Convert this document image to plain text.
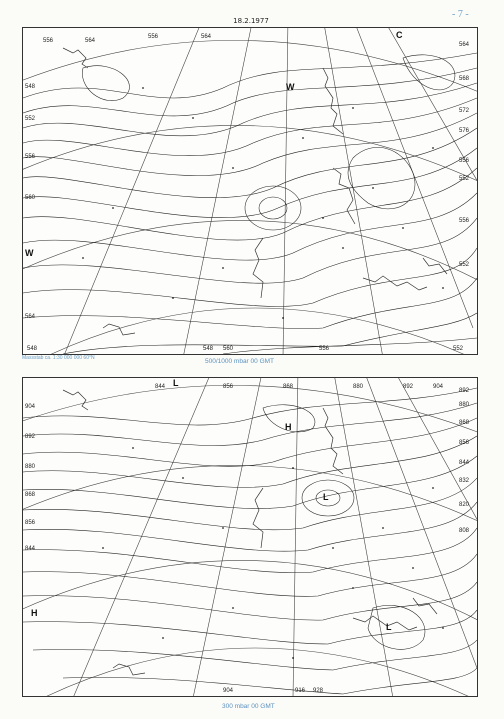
18.2.1977
- 7 -
548
552
556
560
564
548
564
568
572
576
556
552
556
552
556	564
556	564
548 560	556	552
W
W
C
Massstab ca. 1:30 000 000 60°N	500/1000 mbar 00 GMT
904
892
880
868
856
844
892
880
868
856
844
832
820
808
844	856	868	880	892	904
904	916 928
H
L
H
L
L
300 mbar 00 GMT
